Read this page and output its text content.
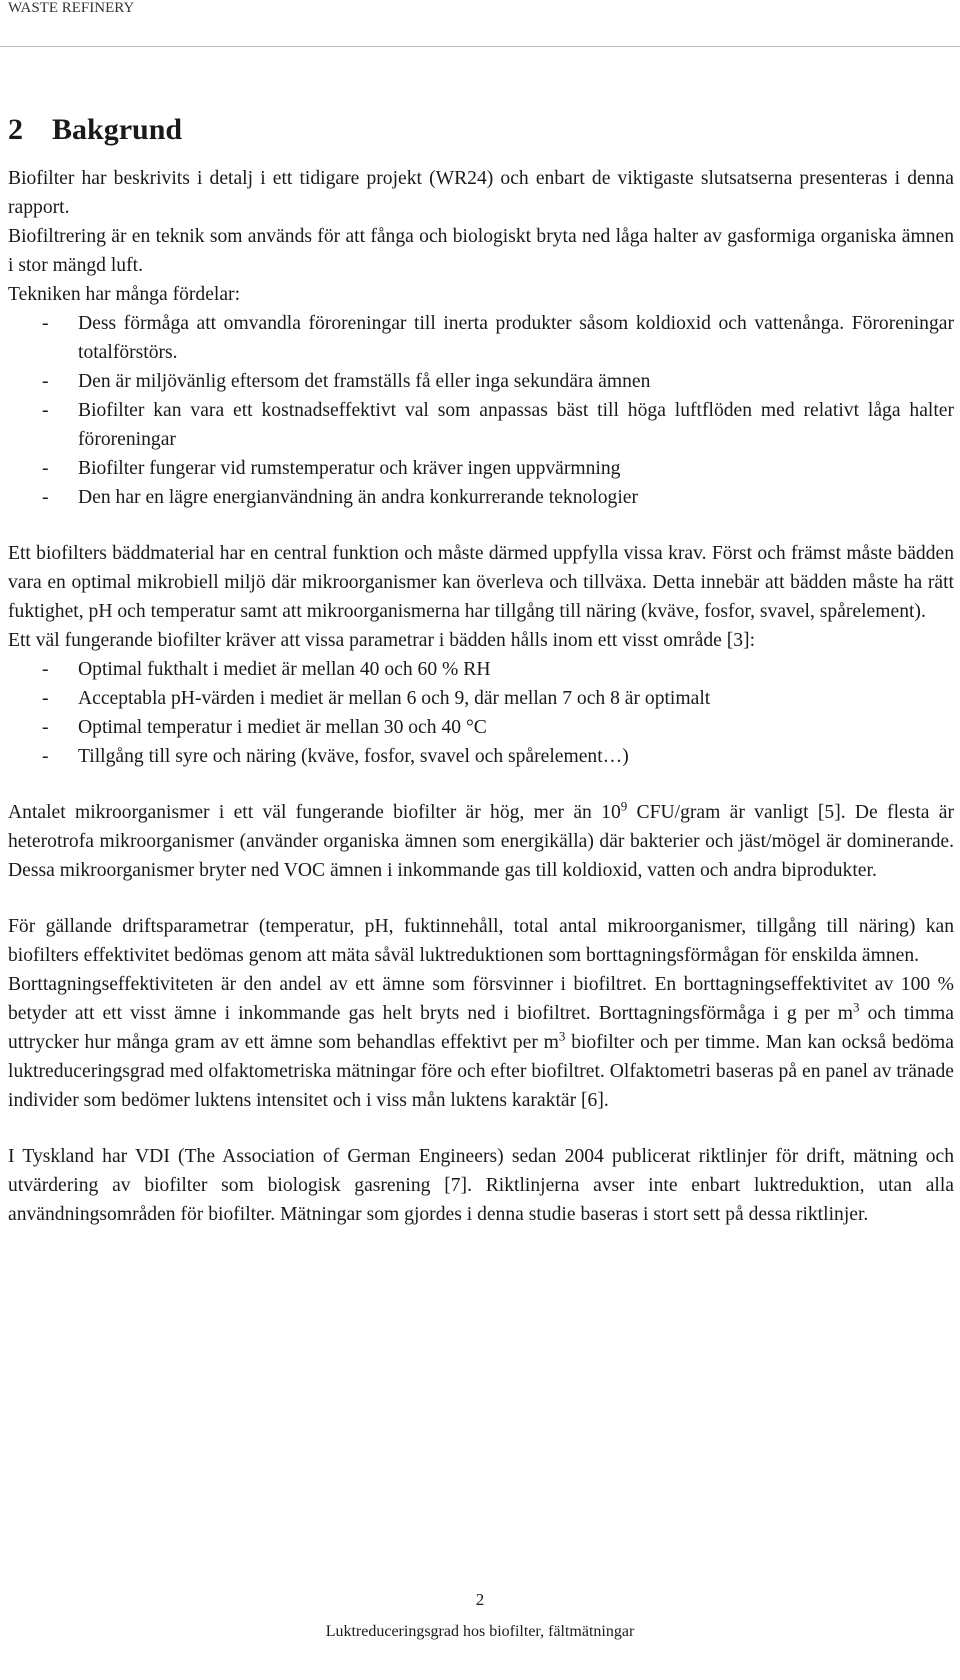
WASTE REFINERY
2 Bakgrund

Biofilter har beskrivits i detalj i ett tidigare projekt (WR24) och enbart de viktigaste slutsatserna presenteras i denna rapport.

Biofiltrering är en teknik som används för att fånga och biologiskt bryta ned låga halter av gasformiga organiska ämnen i stor mängd luft.

Tekniken har många fördelar:

- Dess förmåga att omvandla föroreningar till inerta produkter såsom koldioxid och vattenånga. Föroreningar totalförstörs.
- Den är miljövänlig eftersom det framställs få eller inga sekundära ämnen
- Biofilter kan vara ett kostnadseffektivt val som anpassas bäst till höga luftflöden med relativt låga halter föroreningar
- Biofilter fungerar vid rumstemperatur och kräver ingen uppvärmning
- Den har en lägre energianvändning än andra konkurrerande teknologier

Ett biofilters bäddmaterial har en central funktion och måste därmed uppfylla vissa krav. Först och främst måste bädden vara en optimal mikrobiell miljö där mikroorganismer kan överleva och tillväxa. Detta innebär att bädden måste ha rätt fuktighet, pH och temperatur samt att mikroorganismerna har tillgång till näring (kväve, fosfor, svavel, spårelement).

Ett väl fungerande biofilter kräver att vissa parametrar i bädden hålls inom ett visst område [3]:

- Optimal fukthalt i mediet är mellan 40 och 60 % RH
- Acceptabla pH-värden i mediet är mellan 6 och 9, där mellan 7 och 8 är optimalt
- Optimal temperatur i mediet är mellan 30 och 40 °C
- Tillgång till syre och näring (kväve, fosfor, svavel och spårelement…)

Antalet mikroorganismer i ett väl fungerande biofilter är hög, mer än $10^9$ CFU/gram är vanligt [5]. De flesta är heterotrofa mikroorganismer (använder organiska ämnen som energikälla) där bakterier och jäst/mögel är dominerande. Dessa mikroorganismer bryter ned VOC ämnen i inkommande gas till koldioxid, vatten och andra biprodukter.

För gällande driftsparametrar (temperatur, pH, fuktinnehåll, total antal mikroorganismer, tillgång till näring) kan biofilters effektivitet bedömas genom att mäta såväl luktreduktionen som borttagningsförmågan för enskilda ämnen.

Borttagningseffektiviteten är den andel av ett ämne som försvinner i biofiltret. En borttagningseffektivitet av 100 % betyder att ett visst ämne i inkommande gas helt bryts ned i biofiltret. Borttagningsförmåga i g per $m^3$ och timma uttrycker hur många gram av ett ämne som behandlas effektivt per $m^3$ biofilter och per timme. Man kan också bedöma luktreduceringsgrad med olfaktometriska mätningar före och efter biofiltret. Olfaktometri baseras på en panel av tränade individer som bedömer luktens intensitet och i viss mån luktens karaktär [6].

I Tyskland har VDI (The Association of German Engineers) sedan 2004 publicerat riktlinjer för drift, mätning och utvärdering av biofilter som biologisk gasrening [7]. Riktlinjerna avser inte enbart luktreduktion, utan alla användningsområden för biofilter. Mätningar som gjordes i denna studie baseras i stort sett på dessa riktlinjer.

2
Luktreduceringsgrad hos biofilter, fältmätningar
